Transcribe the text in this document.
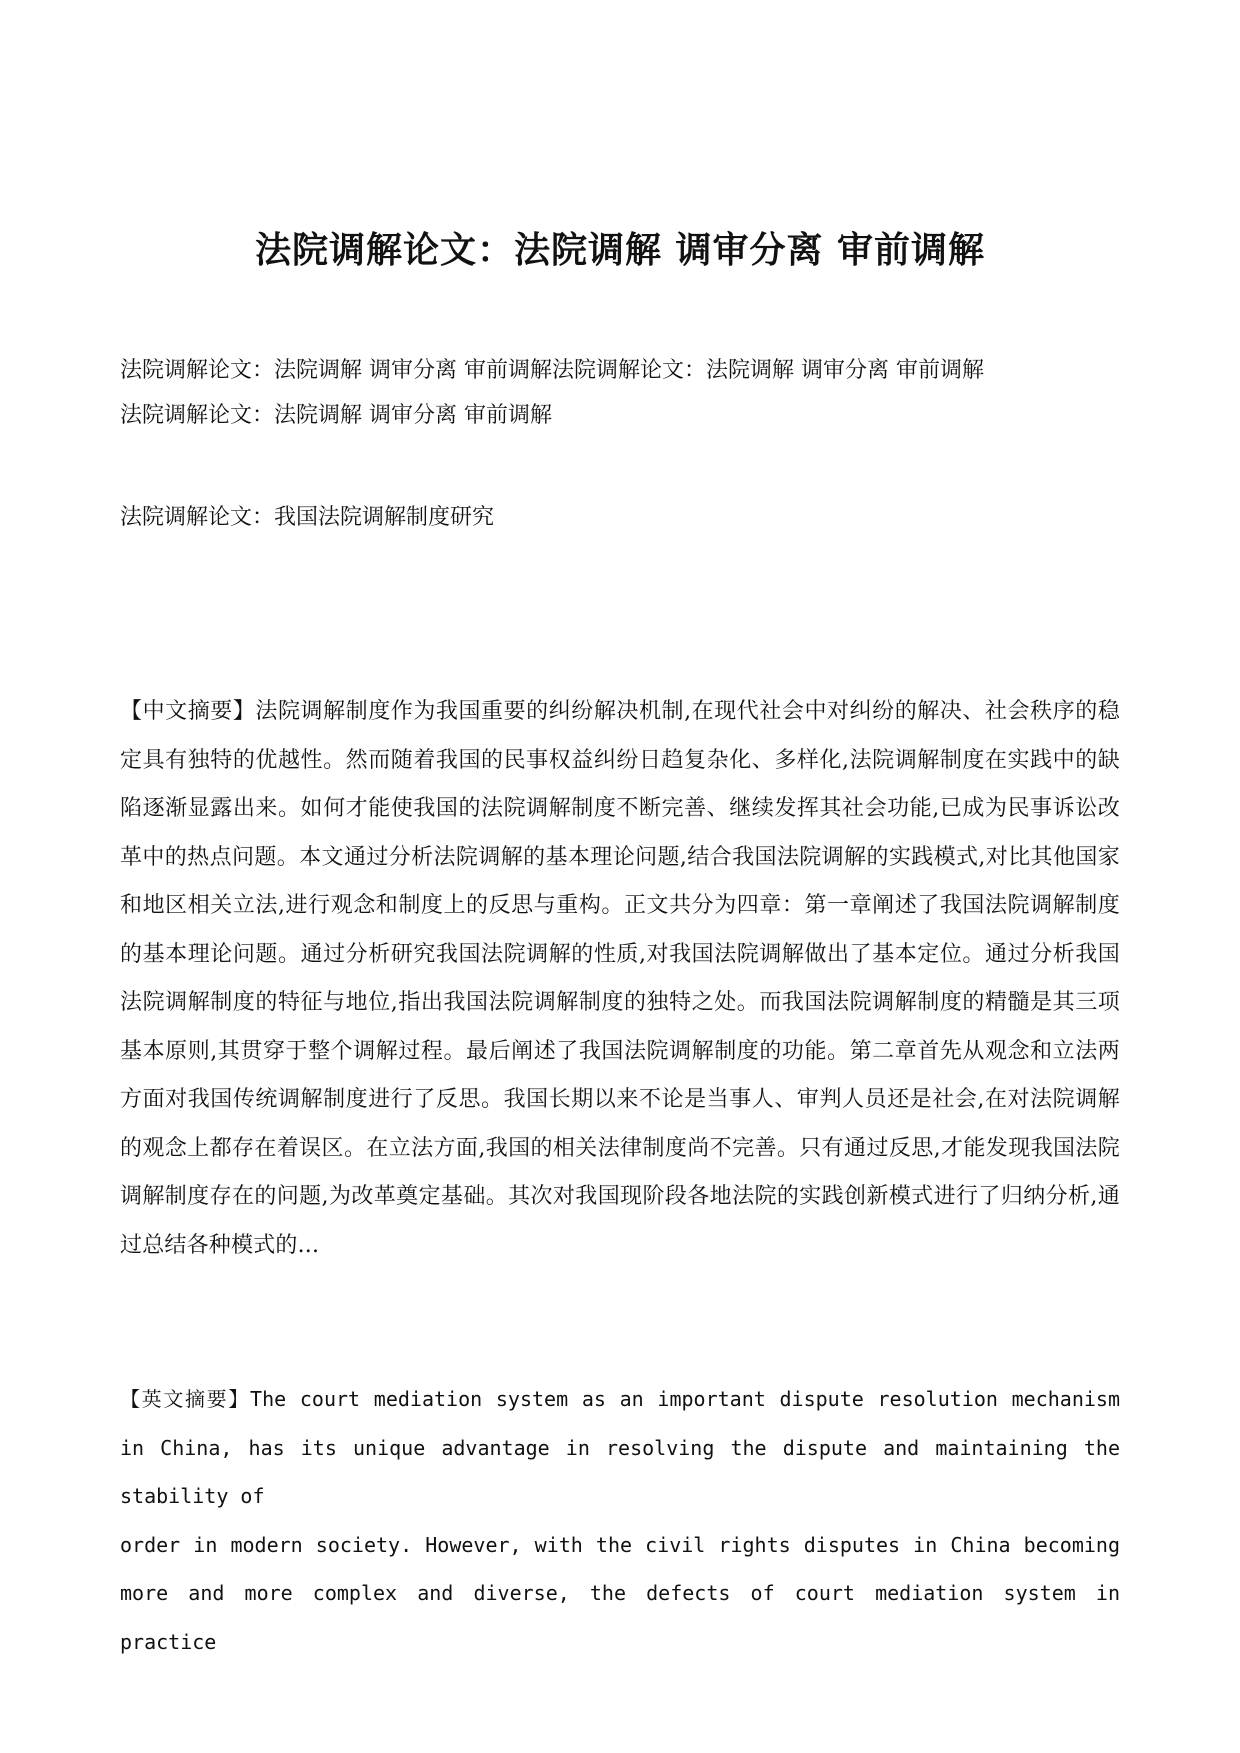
法院调解论文：法院调解 调审分离 审前调解
法院调解论文：法院调解 调审分离 审前调解法院调解论文：法院调解 调审分离 审前调解
法院调解论文：法院调解 调审分离 审前调解

法院调解论文：我国法院调解制度研究

【中文摘要】法院调解制度作为我国重要的纠纷解决机制,在现代社会中对纠纷的解决、社会秩序的稳定具有独特的优越性。然而随着我国的民事权益纠纷日趋复杂化、多样化,法院调解制度在实践中的缺陷逐渐显露出来。如何才能使我国的法院调解制度不断完善、继续发挥其社会功能,已成为民事诉讼改革中的热点问题。本文通过分析法院调解的基本理论问题,结合我国法院调解的实践模式,对比其他国家和地区相关立法,进行观念和制度上的反思与重构。正文共分为四章：第一章阐述了我国法院调解制度的基本理论问题。通过分析研究我国法院调解的性质,对我国法院调解做出了基本定位。通过分析我国法院调解制度的特征与地位,指出我国法院调解制度的独特之处。而我国法院调解制度的精髓是其三项基本原则,其贯穿于整个调解过程。最后阐述了我国法院调解制度的功能。第二章首先从观念和立法两方面对我国传统调解制度进行了反思。我国长期以来不论是当事人、审判人员还是社会,在对法院调解的观念上都存在着误区。在立法方面,我国的相关法律制度尚不完善。只有通过反思,才能发现我国法院调解制度存在的问题,为改革奠定基础。其次对我国现阶段各地法院的实践创新模式进行了归纳分析,通过总结各种模式的...

【英文摘要】The court mediation system as an important dispute resolution mechanism in China, has its unique advantage in resolving the dispute and maintaining the stability of
order in modern society. However, with the civil rights disputes in China becoming more and more complex and diverse, the defects of court mediation system in practice
